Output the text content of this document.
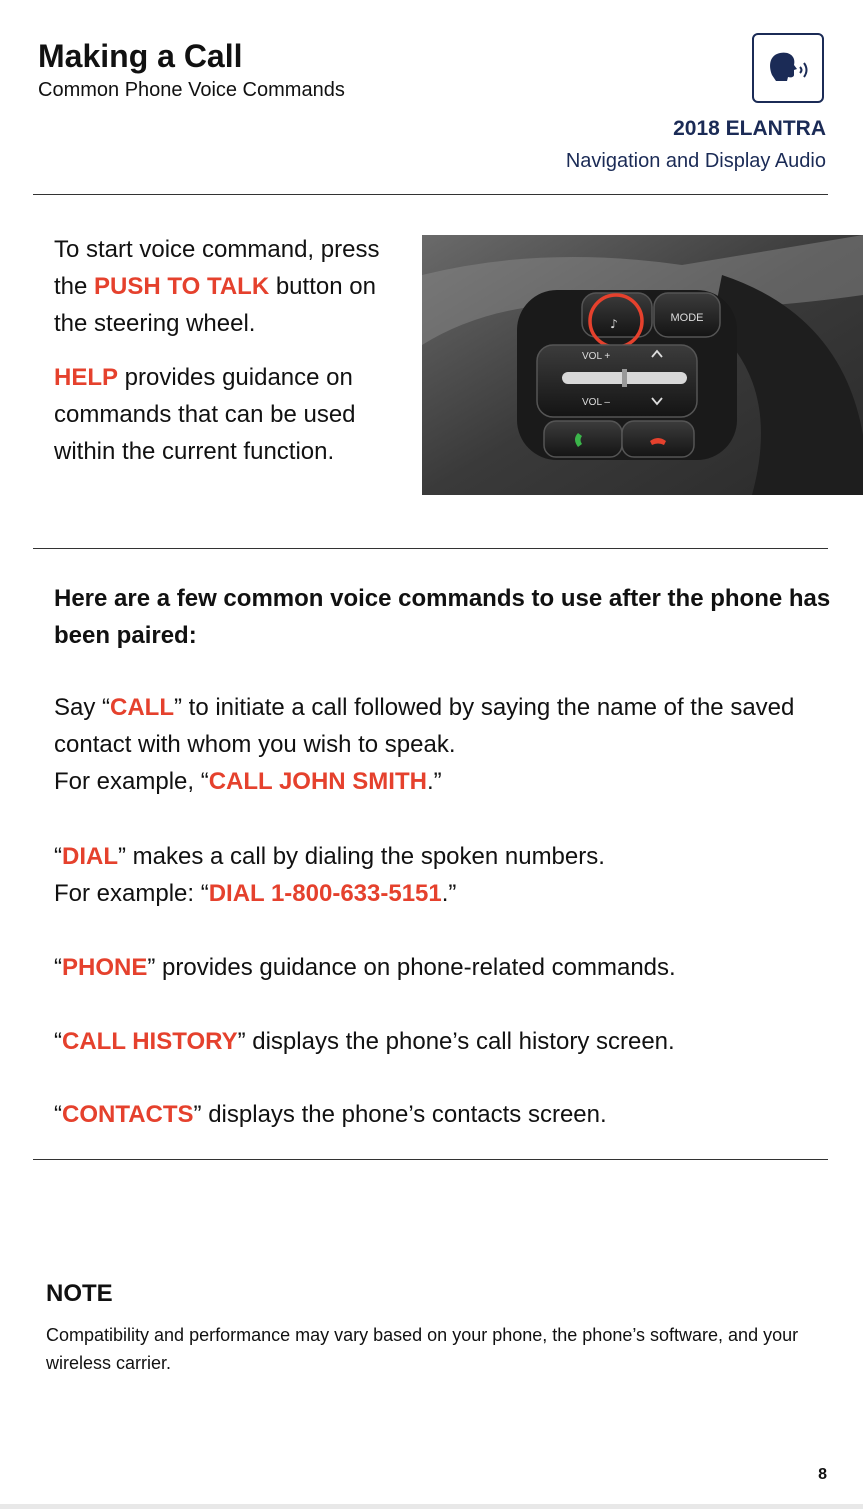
Making a Call
Common Phone Voice Commands
2018 ELANTRA
Navigation and Display Audio

To start voice command, press the PUSH TO TALK button on the steering wheel.

HELP provides guidance on commands that can be used within the current function.

MODE
♪
VOL +
VOL –

Here are a few common voice commands to use after the phone has been paired:

Say “CALL” to initiate a call followed by saying the name of the saved contact with whom you wish to speak.
For example, “CALL JOHN SMITH.”

“DIAL” makes a call by dialing the spoken numbers.
For example: “DIAL 1-800-633-5151.”

“PHONE” provides guidance on phone-related commands.

“CALL HISTORY” displays the phone’s call history screen.

“CONTACTS” displays the phone’s contacts screen.

NOTE
Compatibility and performance may vary based on your phone, the phone’s software, and your wireless carrier.
8
